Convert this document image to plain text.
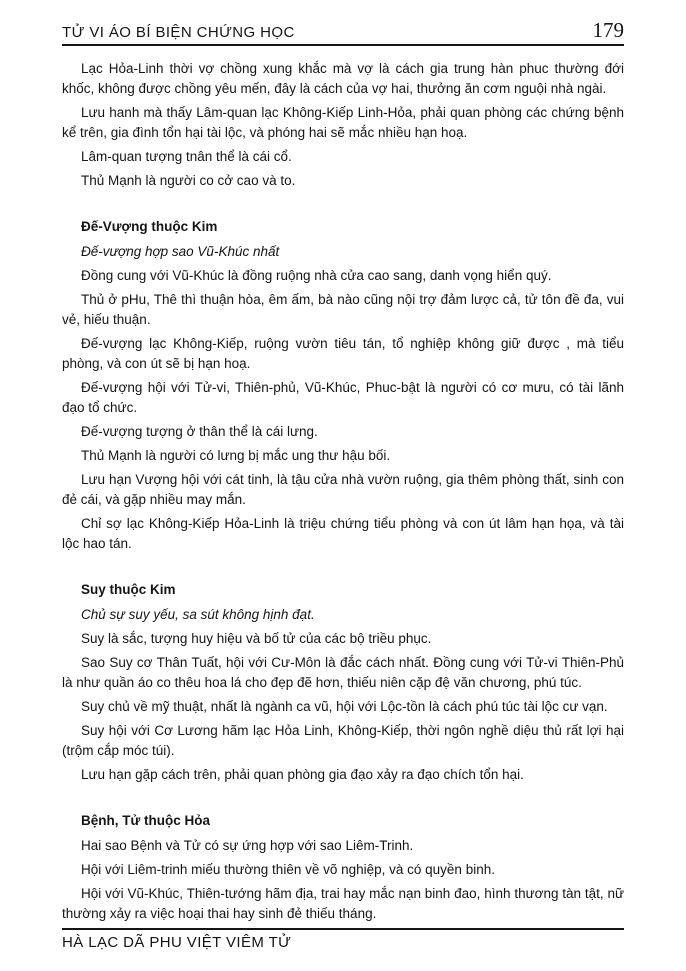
TỬ VI ÁO BÍ BIỆN CHỨNG HỌC	179

Lạc Hỏa-Linh thời vợ chồng xung khắc mà vợ là cách gia trung hàn phuc thường đới khốc, không được chồng yêu mến, đây là cách của vợ hai, thưởng ăn cơm nguội nhà ngài.

Lưu hanh mà thấy Lâm-quan lạc Không-Kiếp Linh-Hỏa, phải quan phòng các chứng bệnh kể trên, gia đình tổn hại tài lộc, và phóng hai sẽ mắc nhiều hạn hoạ.

Lâm-quan tượng tnân thể là cái cổ.

Thủ Mạnh là người co cở cao và to.

Đế-Vượng thuộc Kim

Đế-vượng hợp sao Vũ-Khúc nhất

Đồng cung với Vũ-Khúc là đồng ruộng nhà cửa cao sang, danh vọng hiển quý.

Thủ ở pHu, Thê thì thuận hòa, êm ấm, bà nào cũng nội trợ đảm lược cả, tử tôn đề đa, vui vẻ, hiếu thuận.

Đế-vượng lạc Không-Kiếp, ruộng vườn tiêu tán, tổ nghiệp không giữ được , mà tiểu phòng, và con út sẽ bị hạn hoạ.

Đế-vượng hội với Tử-vi, Thiên-phủ, Vũ-Khúc, Phuc-bật là người có cơ mưu, có tài lãnh đạo tổ chức.

Đế-vượng tượng ở thân thể là cái lưng.

Thủ Mạnh là người có lưng bị mắc ung thư hậu bối.

Lưu hạn Vượng hội với cát tinh, là tậu cửa nhà vườn ruộng, gia thêm phòng thất, sinh con đẻ cái, và gặp nhiều may mắn.

Chỉ sợ lạc Không-Kiếp Hỏa-Linh là triệu chứng tiểu phòng và con út lâm hạn họa, và tài lộc hao tán.

Suy thuộc Kim

Chủ sự suy yếu, sa sút không hịnh đạt.

Suy là sắc, tượng huy hiệu và bố tử của các bộ triều phục.

Sao Suy cơ Thân Tuất, hội với Cư-Môn là đắc cách nhất. Đồng cung với Tử-vi Thiên-Phủ là như quần áo co thêu hoa lá cho đẹp đẽ hơn, thiếu niên cặp đệ văn chương, phú túc.

Suy chủ về mỹ thuật, nhất là ngành ca vũ, hội với Lộc-tồn là cách phú túc tài lộc cư vạn.

Suy hội với Cơ Lương hãm lạc Hỏa Linh, Không-Kiếp, thời ngôn nghề diệu thủ rất lợi hại (trộm cắp móc túi).

Lưu hạn gặp cách trên, phải quan phòng gia đạo xảy ra đạo chích tổn hại.

Bệnh, Tử thuộc Hỏa

Hai sao Bệnh và Tử có sự ứng hợp với sao Liêm-Trinh.

Hội với Liêm-trinh miếu thường thiên về võ nghiệp, và có quyền binh.

Hội với Vũ-Khúc, Thiên-tướng hãm địa, trai hay mắc nạn binh đao, hình thương tàn tật, nữ thường xảy ra việc hoại thai hay sinh đẻ thiếu tháng.

HÀ LẠC DÃ PHU VIỆT VIÊM TỬ
